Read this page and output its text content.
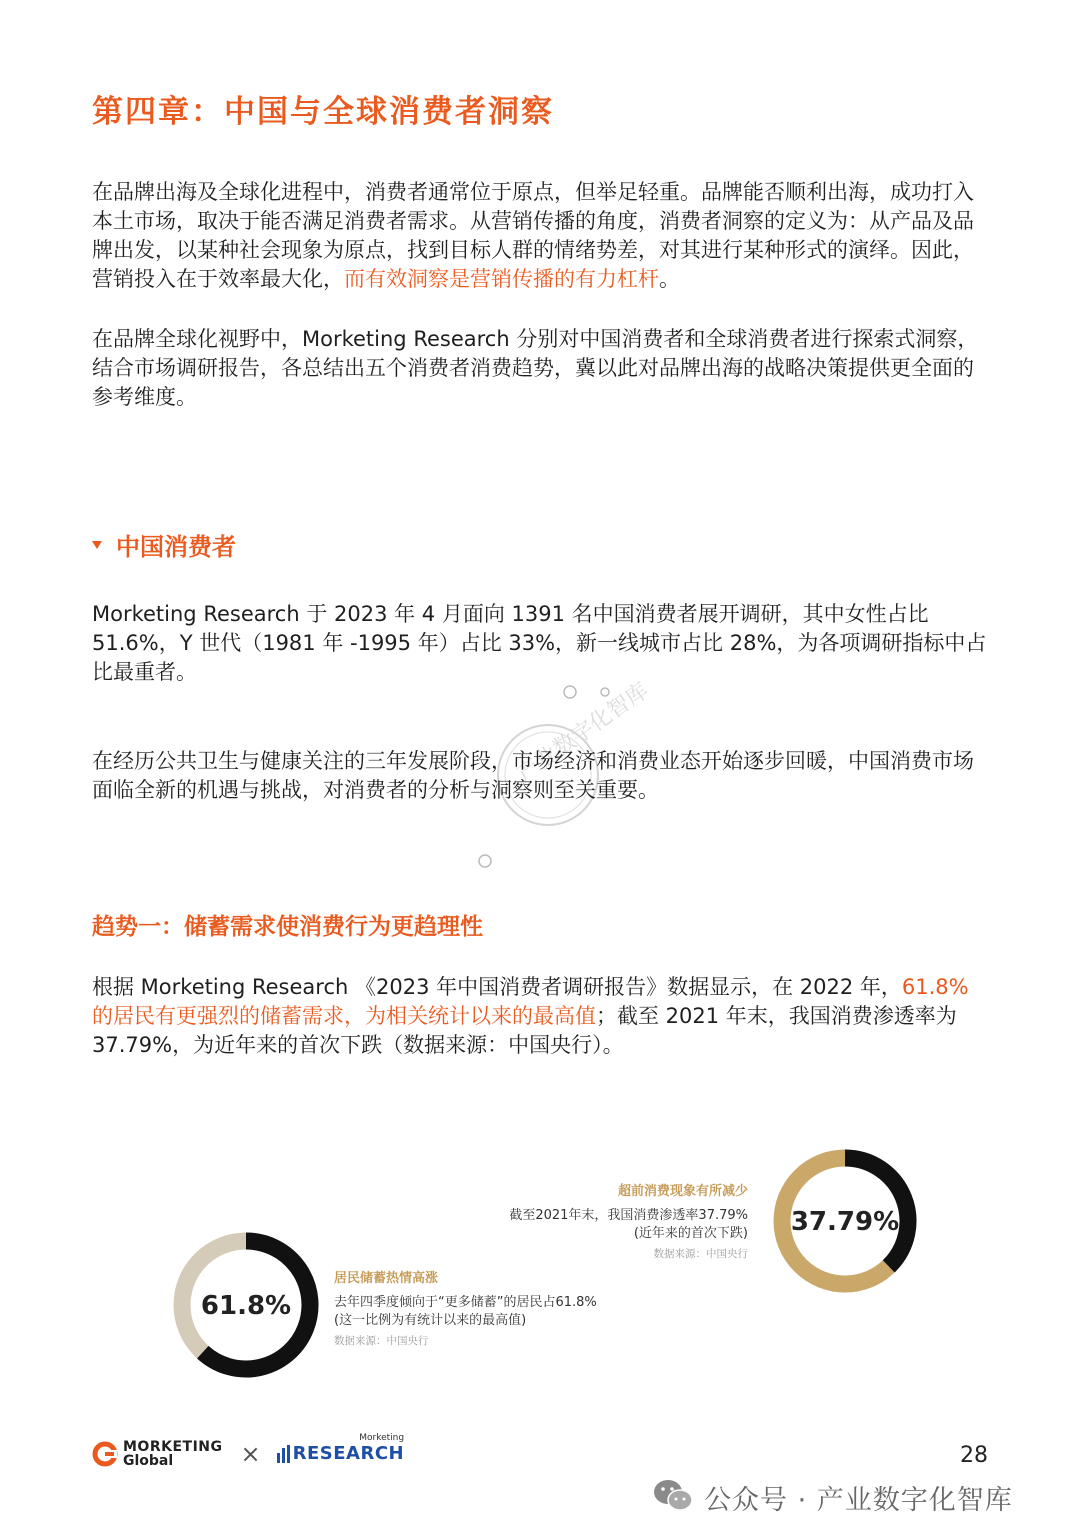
第四章：中国与全球消费者洞察

在品牌出海及全球化进程中，消费者通常位于原点，但举足轻重。品牌能否顺利出海，成功打入本土市场，取决于能否满足消费者需求。从营销传播的角度，消费者洞察的定义为：从产品及品牌出发，以某种社会现象为原点，找到目标人群的情绪势差，对其进行某种形式的演绎。因此，营销投入在于效率最大化，而有效洞察是营销传播的有力杠杆。

在品牌全球化视野中，Morketing Research 分别对中国消费者和全球消费者进行探索式洞察，结合市场调研报告，各总结出五个消费者消费趋势，冀以此对品牌出海的战略决策提供更全面的参考维度。

中国消费者

Morketing Research 于 2023 年 4 月面向 1391 名中国消费者展开调研，其中女性占比 51.6%，Y 世代（1981 年 -1995 年）占比 33%，新一线城市占比 28%，为各项调研指标中占比最重者。

产业数字化智库

在经历公共卫生与健康关注的三年发展阶段，市场经济和消费业态开始逐步回暖，中国消费市场面临全新的机遇与挑战，对消费者的分析与洞察则至关重要。

趋势一：储蓄需求使消费行为更趋理性

根据 Morketing Research 《2023 年中国消费者调研报告》数据显示，在 2022 年，61.8% 的居民有更强烈的储蓄需求，为相关统计以来的最高值；截至 2021 年末，我国消费渗透率为 37.79%，为近年来的首次下跌（数据来源：中国央行）。

61.8%
37.79%
超前消费现象有所减少
截至2021年末，我国消费渗透率37.79%
(近年来的首次下跌)
数据来源：中国央行
居民储蓄热情高涨
去年四季度倾向于“更多储蓄”的居民占61.8%
(这一比例为有统计以来的最高值)
数据来源：中国央行
MORKETING
Global	×
Morketing
RESEARCH	28
公众号 · 产业数字化智库
